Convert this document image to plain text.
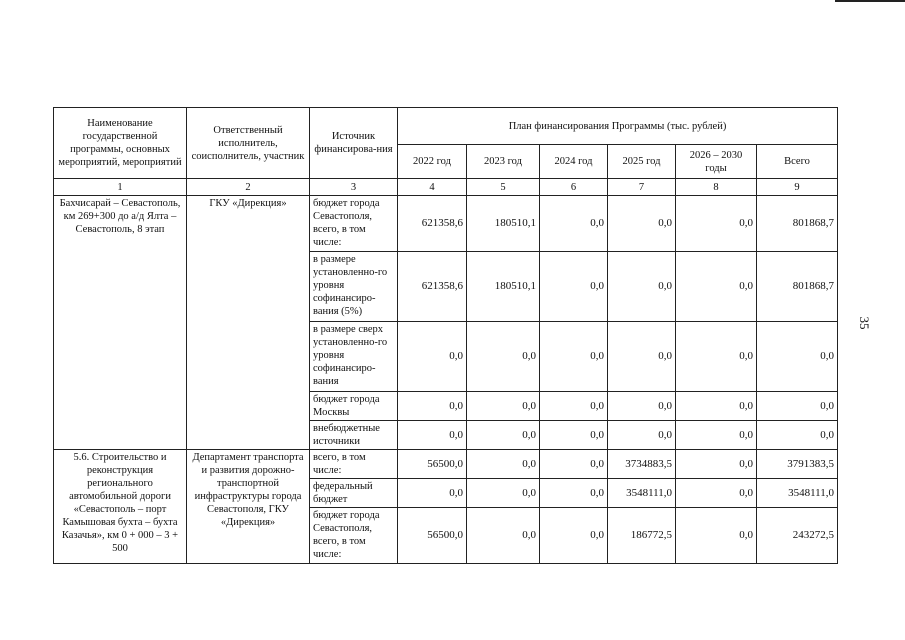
35
Наименование государственной программы, основных мероприятий, мероприятий	Ответственный исполнитель, соисполнитель, участник	Источник финансирова-ния	План финансирования Программы (тыс. рублей)					
			2022 год	2023 год	2024 год	2025 год	2026 – 2030 годы	Всего
1	2	3	4	5	6	7	8	9
Бахчисарай – Севастополь, км 269+300 до а/д Ялта – Севастополь, 8 этап	ГКУ «Дирекция»	бюджет города Севастополя, всего, в том числе:	621358,6	180510,1	0,0	0,0	0,0	801868,7
		в размере установленно-го уровня софинансиро-вания (5%)	621358,6	180510,1	0,0	0,0	0,0	801868,7
		в размере сверх установленно-го уровня софинансиро-вания	0,0	0,0	0,0	0,0	0,0	0,0
		бюджет города Москвы	0,0	0,0	0,0	0,0	0,0	0,0
		внебюджетные источники	0,0	0,0	0,0	0,0	0,0	0,0
5.6. Строительство и реконструкция регионального автомобильной дороги «Севастополь – порт Камышовая бухта – бухта Казачья», км 0 + 000 – 3 + 500	Департамент транспорта и развития дорожно-транспортной инфраструктуры города Севастополя, ГКУ «Дирекция»	всего, в том числе:	56500,0	0,0	0,0	3734883,5	0,0	3791383,5
		федеральный бюджет	0,0	0,0	0,0	3548111,0	0,0	3548111,0
		бюджет города Севастополя, всего, в том числе:	56500,0	0,0	0,0	186772,5	0,0	243272,5
